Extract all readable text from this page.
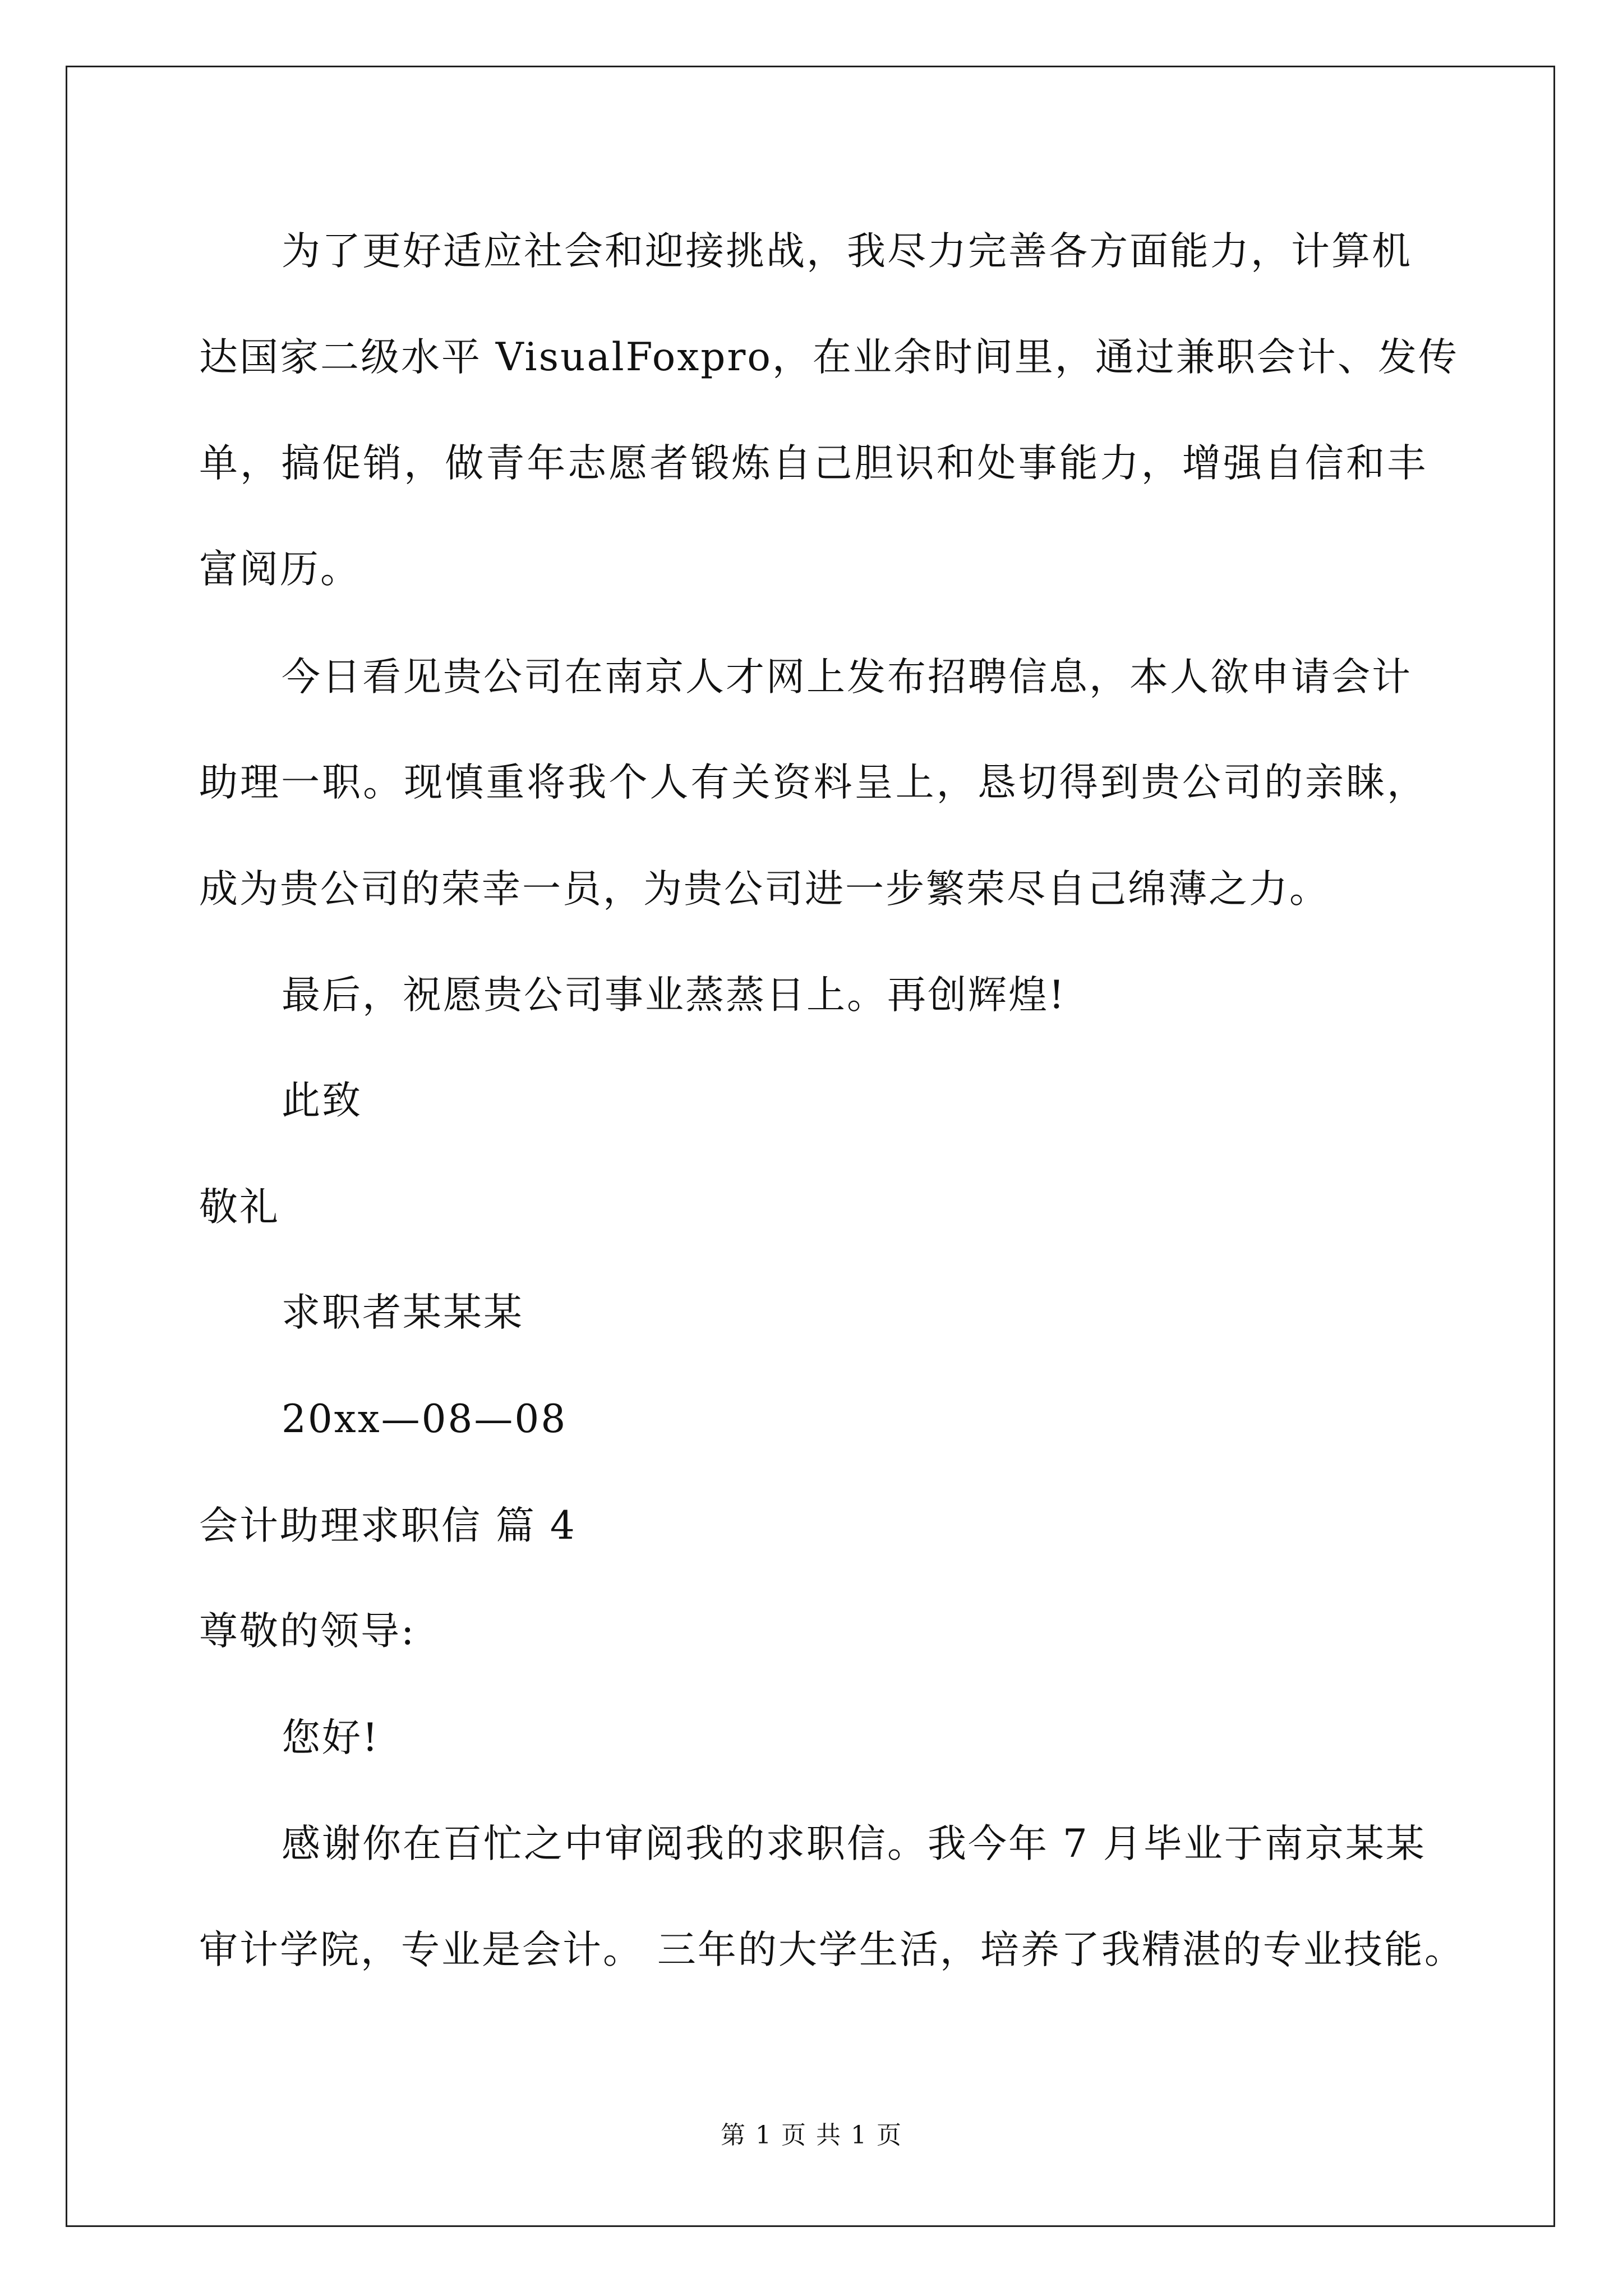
为了更好适应社会和迎接挑战，我尽力完善各方面能力，计算机
达国家二级水平 VisualFoxpro，在业余时间里，通过兼职会计、发传
单，搞促销，做青年志愿者锻炼自己胆识和处事能力，增强自信和丰
富阅历。
今日看见贵公司在南京人才网上发布招聘信息，本人欲申请会计
助理一职。现慎重将我个人有关资料呈上，恳切得到贵公司的亲睐，
成为贵公司的荣幸一员，为贵公司进一步繁荣尽自己绵薄之力。
最后，祝愿贵公司事业蒸蒸日上。再创辉煌!
此致
敬礼
求职者某某某
20xx—08—08
会计助理求职信 篇 4
尊敬的领导:
您好!
感谢你在百忙之中审阅我的求职信。我今年 7 月毕业于南京某某
审计学院，专业是会计。 三年的大学生活，培养了我精湛的专业技能。
第 1 页 共 1 页
